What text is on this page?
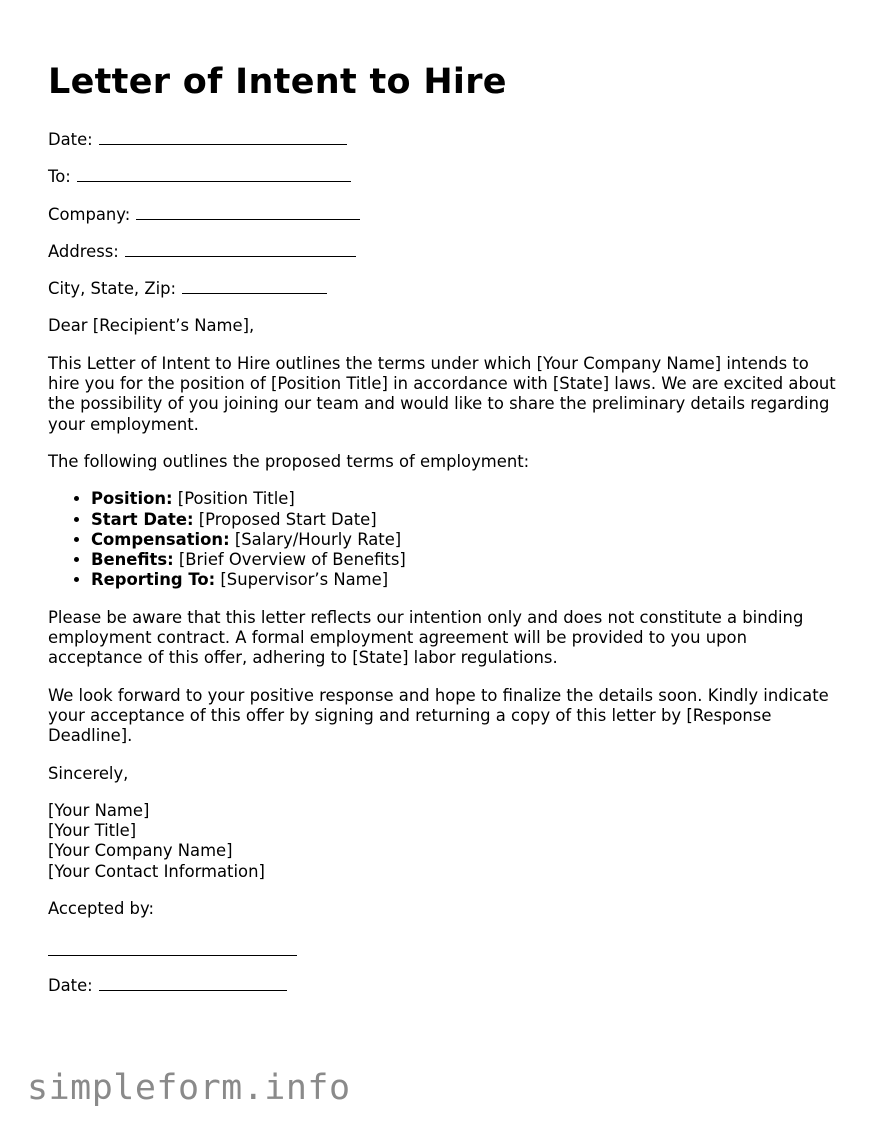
Letter of Intent to Hire

Date:

To:

Company:

Address:

City, State, Zip:

Dear [Recipient’s Name],

This Letter of Intent to Hire outlines the terms under which [Your Company Name] intends to hire you for the position of [Position Title] in accordance with [State] laws. We are excited about the possibility of you joining our team and would like to share the preliminary details regarding your employment.

The following outlines the proposed terms of employment:

• Position: [Position Title]
• Start Date: [Proposed Start Date]
• Compensation: [Salary/Hourly Rate]
• Benefits: [Brief Overview of Benefits]
• Reporting To: [Supervisor’s Name]

Please be aware that this letter reflects our intention only and does not constitute a binding employment contract. A formal employment agreement will be provided to you upon acceptance of this offer, adhering to [State] labor regulations.

We look forward to your positive response and hope to finalize the details soon. Kindly indicate your acceptance of this offer by signing and returning a copy of this letter by [Response Deadline].

Sincerely,

[Your Name]

[Your Title]

[Your Company Name]

[Your Contact Information]

Accepted by:

Date:

simpleform.info
